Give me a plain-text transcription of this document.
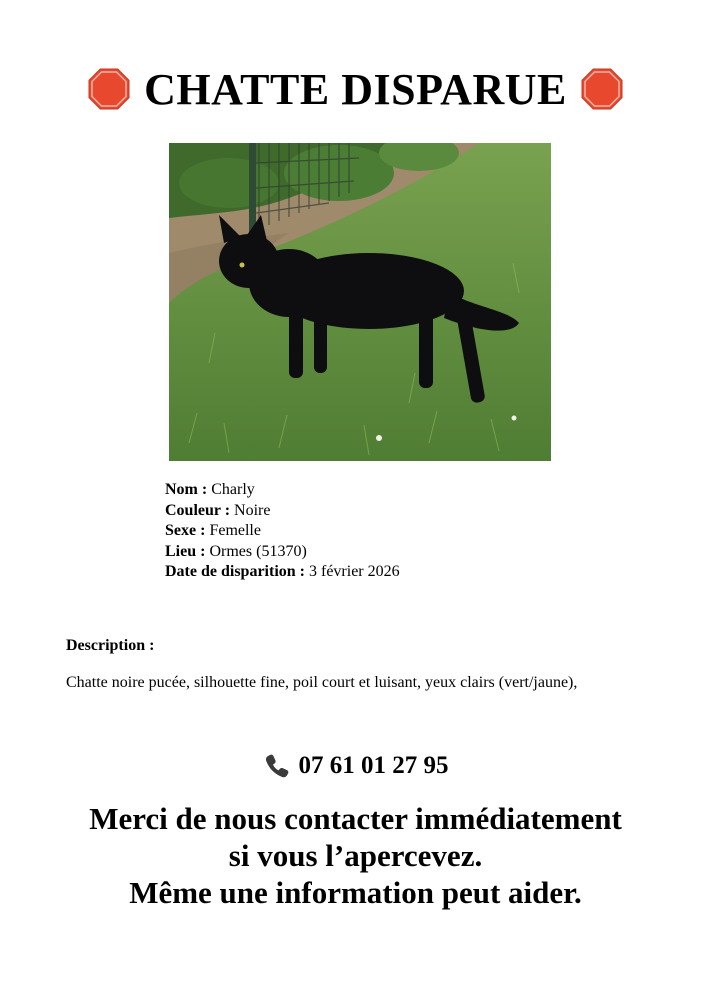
CHATTE DISPARUE
Nom : Charly
Couleur : Noire
Sexe : Femelle
Lieu : Ormes (51370)
Date de disparition : 3 février 2026
Description :
Chatte noire pucée, silhouette fine, poil court et luisant, yeux clairs (vert/jaune),
07 61 01 27 95
Merci de nous contacter immédiatement
si vous l’apercevez.
Même une information peut aider.
